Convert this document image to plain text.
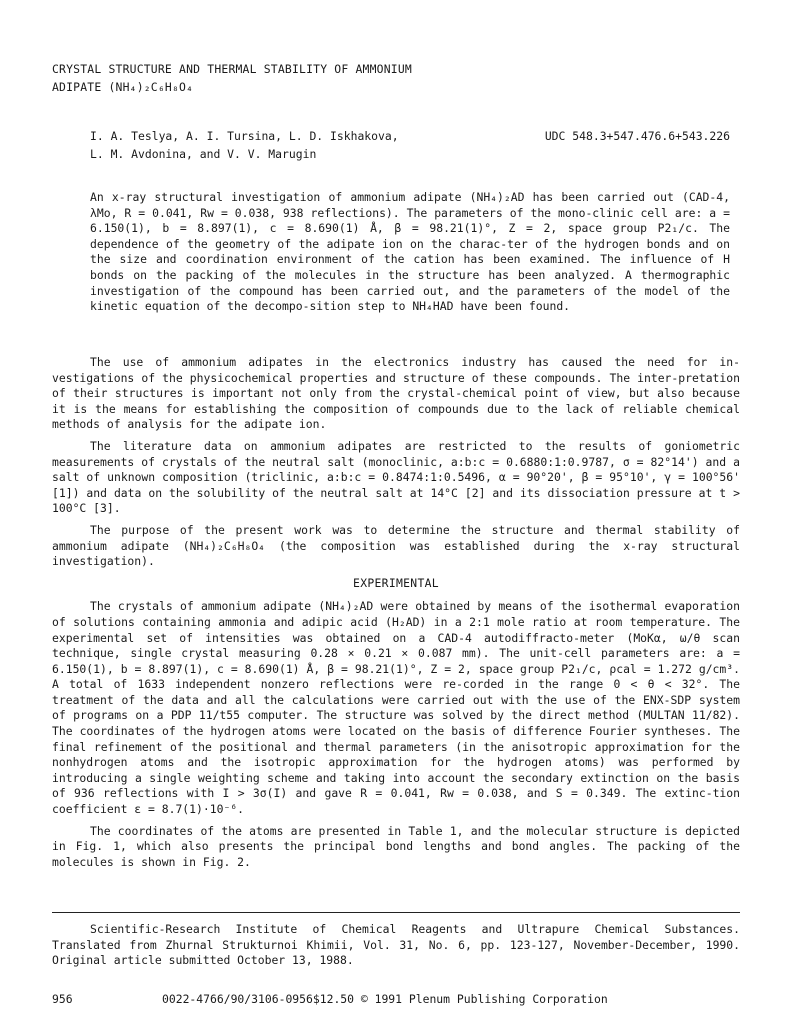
CRYSTAL STRUCTURE AND THERMAL STABILITY OF AMMONIUM
ADIPATE (NH₄)₂C₆H₈O₄
I. A. Teslya, A. I. Tursina, L. D. Iskhakova,	UDC 548.3+547.476.6+543.226
L. M. Avdonina, and V. V. Marugin
An x-ray structural investigation of ammonium adipate (NH₄)₂AD has been carried out (CAD-4, λMo, R = 0.041, Rw = 0.038, 938 reflections). The parameters of the mono-clinic cell are: a = 6.150(1), b = 8.897(1), c = 8.690(1) Å, β = 98.21(1)°, Z = 2, space group P2₁/c. The dependence of the geometry of the adipate ion on the charac-ter of the hydrogen bonds and on the size and coordination environment of the cation has been examined. The influence of H bonds on the packing of the molecules in the structure has been analyzed. A thermographic investigation of the compound has been carried out, and the parameters of the model of the kinetic equation of the decompo-sition step to NH₄HAD have been found.

The use of ammonium adipates in the electronics industry has caused the need for in-vestigations of the physicochemical properties and structure of these compounds. The inter-pretation of their structures is important not only from the crystal-chemical point of view, but also because it is the means for establishing the composition of compounds due to the lack of reliable chemical methods of analysis for the adipate ion.

The literature data on ammonium adipates are restricted to the results of goniometric measurements of crystals of the neutral salt (monoclinic, a:b:c = 0.6880:1:0.9787, σ = 82°14') and a salt of unknown composition (triclinic, a:b:c = 0.8474:1:0.5496, α = 90°20', β = 95°10', γ = 100°56' [1]) and data on the solubility of the neutral salt at 14°C [2] and its dissociation pressure at t > 100°C [3].

The purpose of the present work was to determine the structure and thermal stability of ammonium adipate (NH₄)₂C₆H₈O₄ (the composition was established during the x-ray structural investigation).

EXPERIMENTAL

The crystals of ammonium adipate (NH₄)₂AD were obtained by means of the isothermal evaporation of solutions containing ammonia and adipic acid (H₂AD) in a 2:1 mole ratio at room temperature. The experimental set of intensities was obtained on a CAD-4 autodiffracto-meter (MoKα, ω/θ scan technique, single crystal measuring 0.28 × 0.21 × 0.087 mm). The unit-cell parameters are: a = 6.150(1), b = 8.897(1), c = 8.690(1) Å, β = 98.21(1)°, Z = 2, space group P2₁/c, ρcal = 1.272 g/cm³. A total of 1633 independent nonzero reflections were re-corded in the range 0 < θ < 32°. The treatment of the data and all the calculations were carried out with the use of the ENX-SDP system of programs on a PDP 11/t55 computer. The structure was solved by the direct method (MULTAN 11/82). The coordinates of the hydrogen atoms were located on the basis of difference Fourier syntheses. The final refinement of the positional and thermal parameters (in the anisotropic approximation for the nonhydrogen atoms and the isotropic approximation for the hydrogen atoms) was performed by introducing a single weighting scheme and taking into account the secondary extinction on the basis of 936 reflections with I > 3σ(I) and gave R = 0.041, Rw = 0.038, and S = 0.349. The extinc-tion coefficient ε = 8.7(1)·10⁻⁶.

The coordinates of the atoms are presented in Table 1, and the molecular structure is depicted in Fig. 1, which also presents the principal bond lengths and bond angles. The packing of the molecules is shown in Fig. 2.

Scientific-Research Institute of Chemical Reagents and Ultrapure Chemical Substances. Translated from Zhurnal Strukturnoi Khimii, Vol. 31, No. 6, pp. 123-127, November-December, 1990. Original article submitted October 13, 1988.

956	0022-4766/90/3106-0956$12.50 © 1991 Plenum Publishing Corporation
